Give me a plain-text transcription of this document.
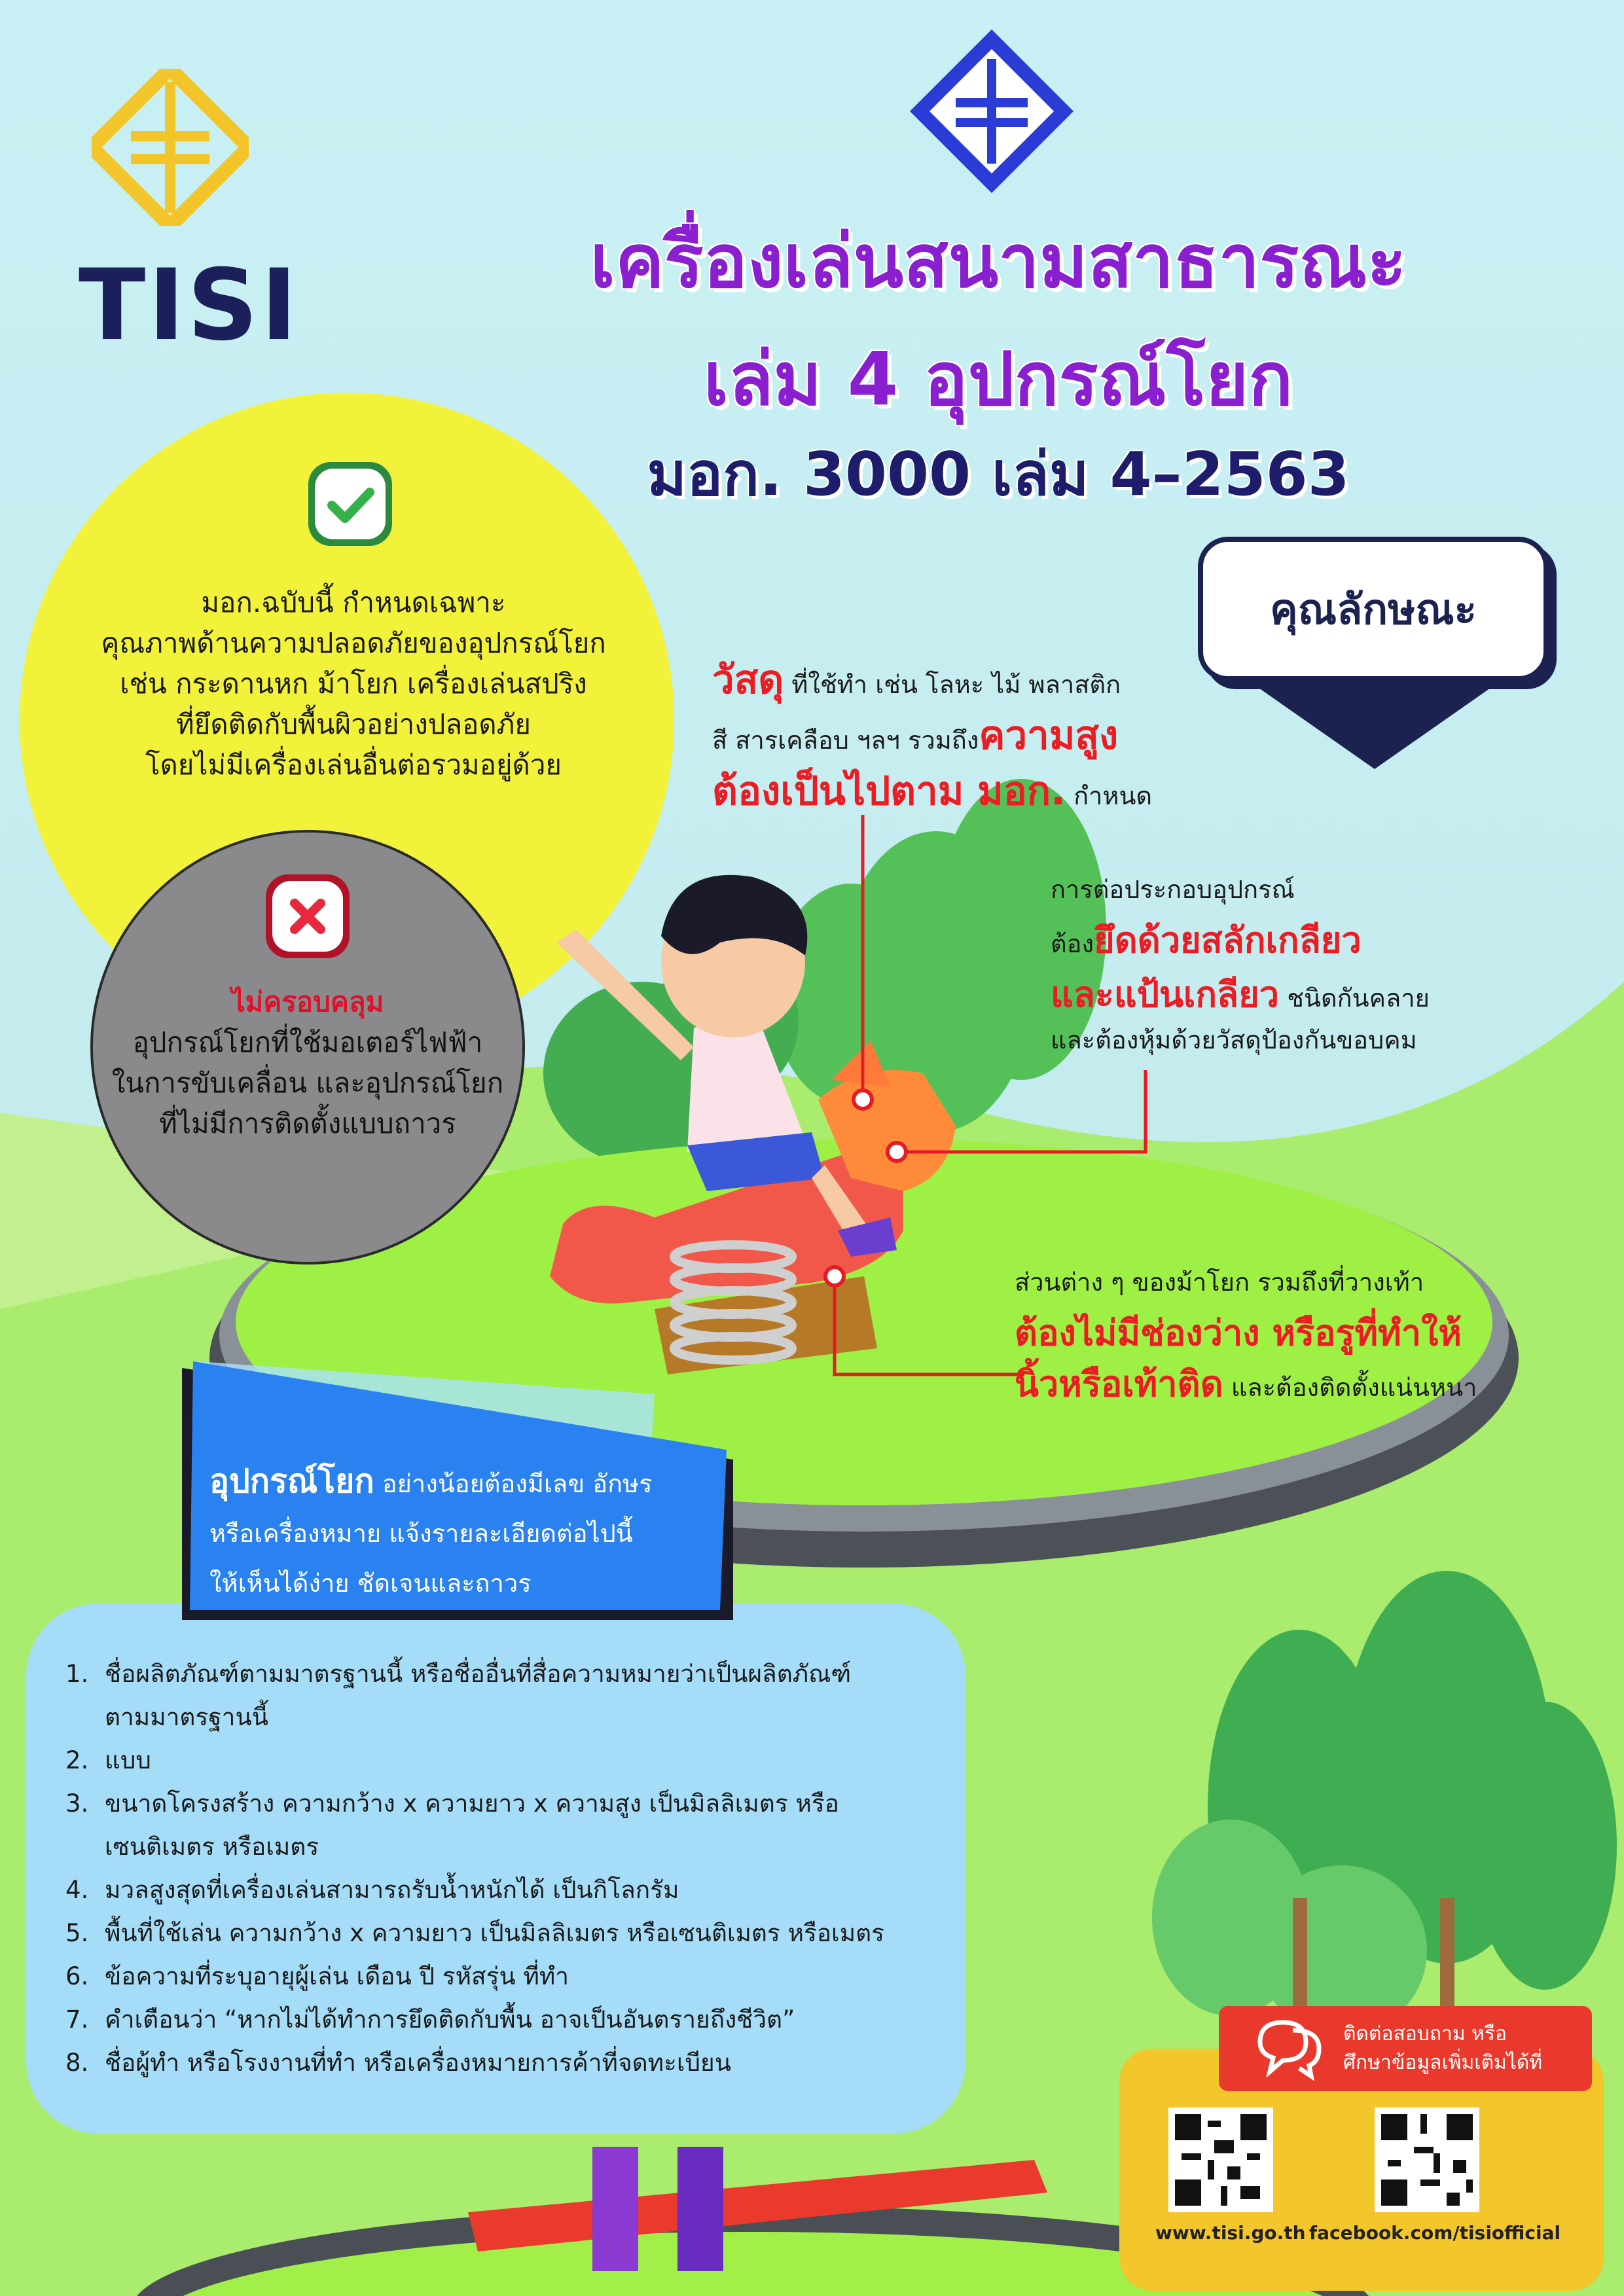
TISI	เครื่องเล่นสนามสาธารณะ
เล่ม 4 อุปกรณ์โยก
มอก. 3000 เล่ม 4–2563
คุณลักษณะ
มอก.ฉบับนี้ กำหนดเฉพาะ
คุณภาพด้านความปลอดภัยของอุปกรณ์โยก
เช่น กระดานหก ม้าโยก เครื่องเล่นสปริง
ที่ยึดติดกับพื้นผิวอย่างปลอดภัย
โดยไม่มีเครื่องเล่นอื่นต่อรวมอยู่ด้วย
ไม่ครอบคลุม
อุปกรณ์โยกที่ใช้มอเตอร์ไฟฟ้า
ในการขับเคลื่อน และอุปกรณ์โยก
ที่ไม่มีการติดตั้งแบบถาวร
วัสดุ ที่ใช้ทำ เช่น โลหะ ไม้ พลาสติก
สี สารเคลือบ ฯลฯ รวมถึงความสูง
ต้องเป็นไปตาม มอก. กำหนด
การต่อประกอบอุปกรณ์
ต้องยึดด้วยสลักเกลียว
และแป้นเกลียว ชนิดกันคลาย
และต้องหุ้มด้วยวัสดุป้องกันขอบคม
ส่วนต่าง ๆ ของม้าโยก รวมถึงที่วางเท้า
ต้องไม่มีช่องว่าง หรือรูที่ทำให้
นิ้วหรือเท้าติด และต้องติดตั้งแน่นหนา
อุปกรณ์โยก อย่างน้อยต้องมีเลข อักษร
หรือเครื่องหมาย แจ้งรายละเอียดต่อไปนี้
ให้เห็นได้ง่าย ชัดเจนและถาวร
1. ชื่อผลิตภัณฑ์ตามมาตรฐานนี้ หรือชื่ออื่นที่สื่อความหมายว่าเป็นผลิตภัณฑ์
ตามมาตรฐานนี้
2. แบบ
3. ขนาดโครงสร้าง ความกว้าง x ความยาว x ความสูง เป็นมิลลิเมตร หรือ
เซนติเมตร หรือเมตร
4. มวลสูงสุดที่เครื่องเล่นสามารถรับน้ำหนักได้ เป็นกิโลกรัม
5. พื้นที่ใช้เล่น ความกว้าง x ความยาว เป็นมิลลิเมตร หรือเซนติเมตร หรือเมตร
6. ข้อความที่ระบุอายุผู้เล่น เดือน ปี รหัสรุ่น ที่ทำ
7. คำเตือนว่า “หากไม่ได้ทำการยึดติดกับพื้น อาจเป็นอันตรายถึงชีวิต”
8. ชื่อผู้ทำ หรือโรงงานที่ทำ หรือเครื่องหมายการค้าที่จดทะเบียน
ติดต่อสอบถาม หรือ
ศึกษาข้อมูลเพิ่มเติมได้ที่
www.tisi.go.th facebook.com/tisiofficial
